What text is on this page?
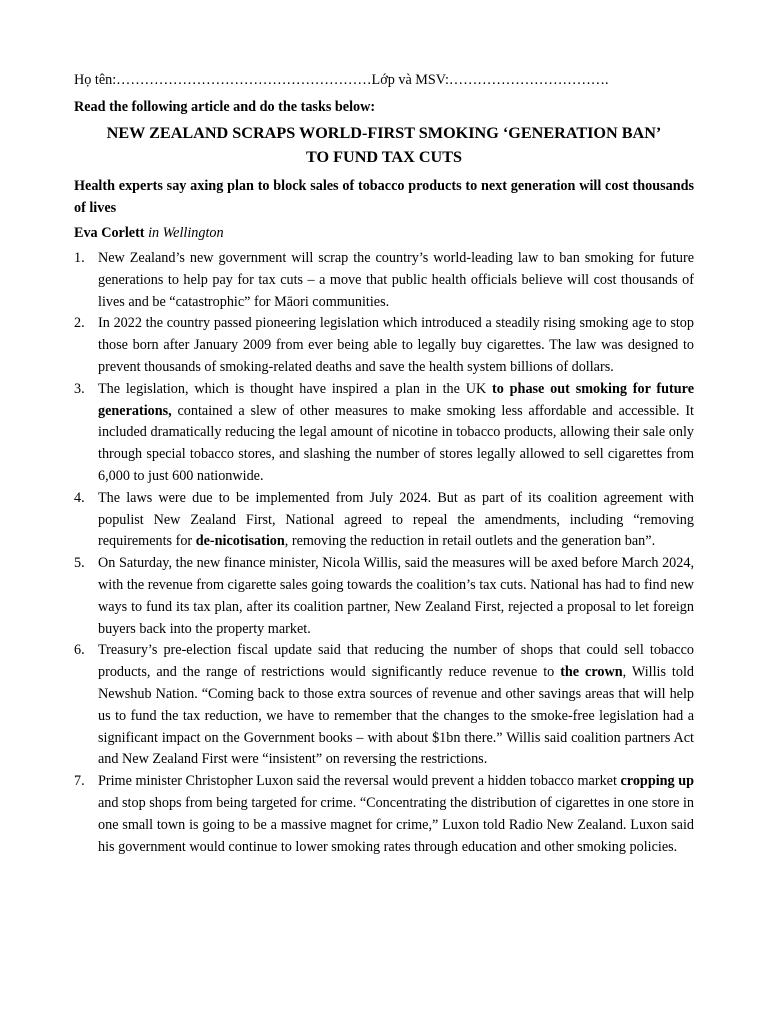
Họ tên:………………………………………………Lớp và MSV:…………………………….
Read the following article and do the tasks below:
NEW ZEALAND SCRAPS WORLD-FIRST SMOKING ‘GENERATION BAN’
TO FUND TAX CUTS
Health experts say axing plan to block sales of tobacco products to next generation will cost thousands of lives
Eva Corlett in Wellington
1. New Zealand’s new government will scrap the country’s world-leading law to ban smoking for future generations to help pay for tax cuts – a move that public health officials believe will cost thousands of lives and be “catastrophic” for Māori communities.
2. In 2022 the country passed pioneering legislation which introduced a steadily rising smoking age to stop those born after January 2009 from ever being able to legally buy cigarettes. The law was designed to prevent thousands of smoking-related deaths and save the health system billions of dollars.
3. The legislation, which is thought have inspired a plan in the UK to phase out smoking for future generations, contained a slew of other measures to make smoking less affordable and accessible. It included dramatically reducing the legal amount of nicotine in tobacco products, allowing their sale only through special tobacco stores, and slashing the number of stores legally allowed to sell cigarettes from 6,000 to just 600 nationwide.
4. The laws were due to be implemented from July 2024. But as part of its coalition agreement with populist New Zealand First, National agreed to repeal the amendments, including “removing requirements for de-nicotisation, removing the reduction in retail outlets and the generation ban”.
5. On Saturday, the new finance minister, Nicola Willis, said the measures will be axed before March 2024, with the revenue from cigarette sales going towards the coalition’s tax cuts. National has had to find new ways to fund its tax plan, after its coalition partner, New Zealand First, rejected a proposal to let foreign buyers back into the property market.
6. Treasury’s pre-election fiscal update said that reducing the number of shops that could sell tobacco products, and the range of restrictions would significantly reduce revenue to the crown, Willis told Newshub Nation. “Coming back to those extra sources of revenue and other savings areas that will help us to fund the tax reduction, we have to remember that the changes to the smoke-free legislation had a significant impact on the Government books – with about $1bn there.” Willis said coalition partners Act and New Zealand First were “insistent” on reversing the restrictions.
7. Prime minister Christopher Luxon said the reversal would prevent a hidden tobacco market cropping up and stop shops from being targeted for crime. “Concentrating the distribution of cigarettes in one store in one small town is going to be a massive magnet for crime,” Luxon told Radio New Zealand. Luxon said his government would continue to lower smoking rates through education and other smoking policies.
